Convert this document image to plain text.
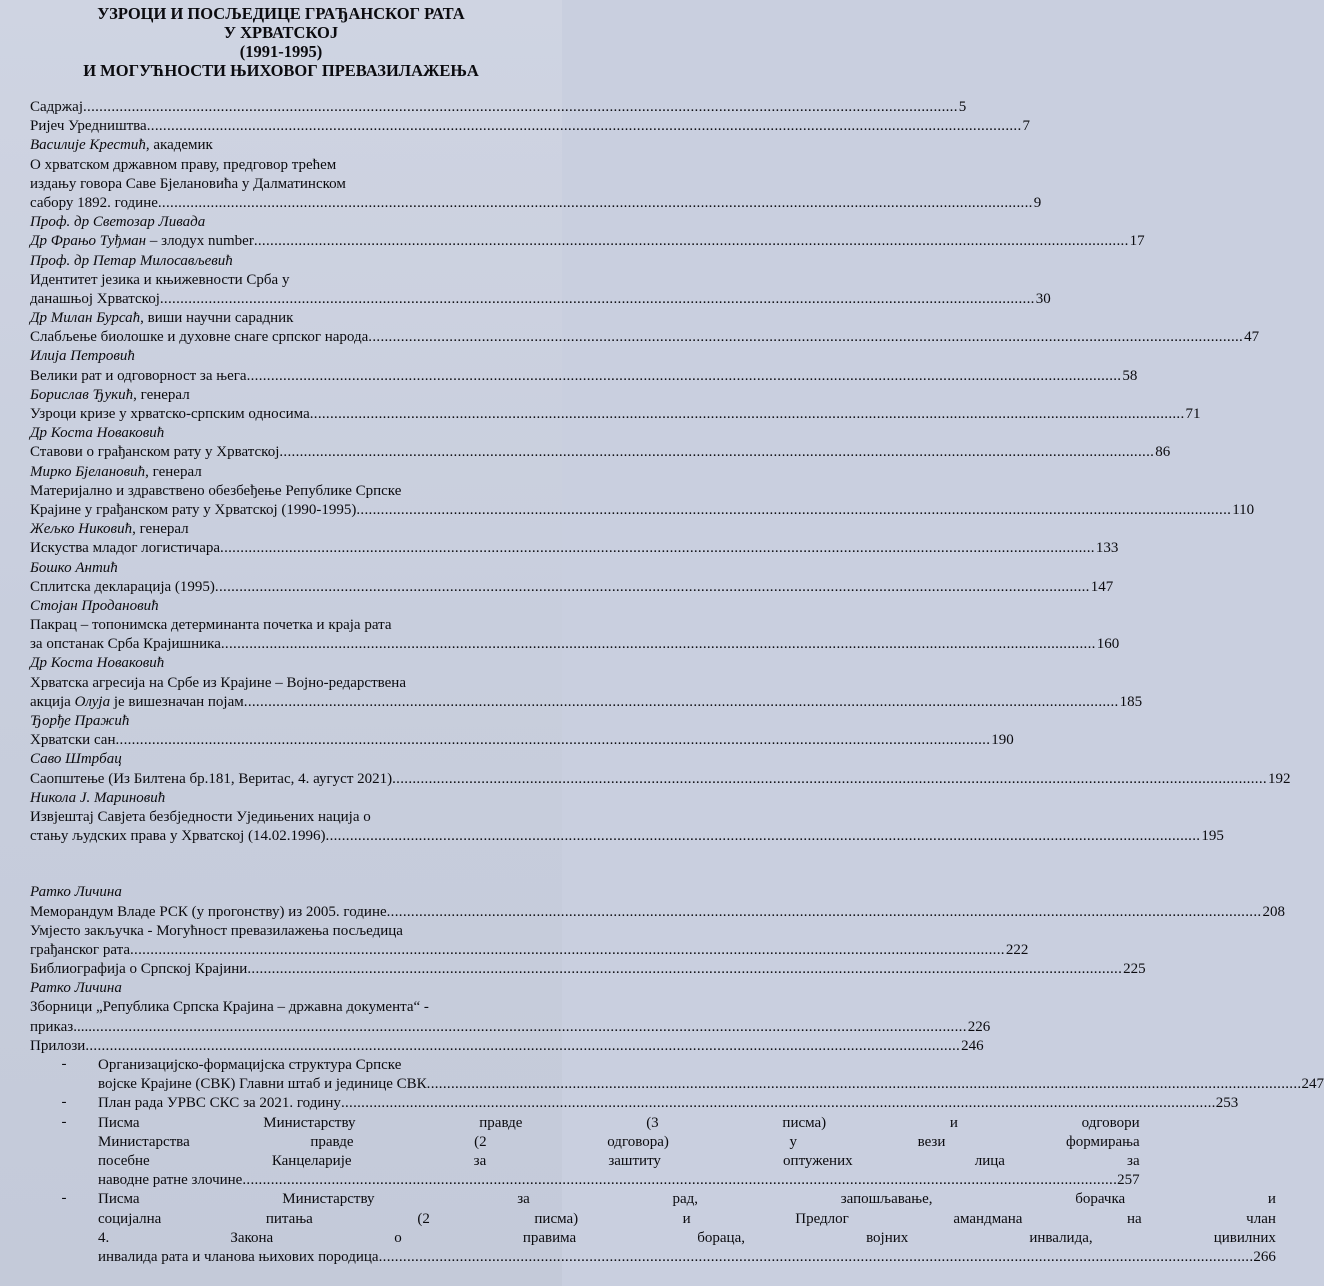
УЗРОЦИ И ПОСЉЕДИЦЕ ГРАЂАНСКОГ РАТА
У ХРВАТСКОЈ
(1991-1995)
И МОГУЋНОСТИ ЊИХОВОГ ПРЕВАЗИЛАЖЕЊА
Садржај .....	5
Ријеч Уредништва .....	7
Василије Крестић, академик
О хрватском државном праву, предговор трећем
издању говора Саве Бјелановића у Далматинском
сабору 1892. године .....	9
Проф. др Светозар Ливада
Др Фрањо Туђман – злодух number .....	17
Проф. др Петар Милосављевић
Идентитет језика и књижевности Срба у
данашњој Хрватској .....	30
Др Милан Бурсаћ, виши научни сарадник
Слабљење биолошке и духовне снаге српског народа .....	47
Илија Петровић
Велики рат и одговорност за њега .....	58
Борислав Ђукић, генерал
Узроци кризе у хрватско-српским односима .....	71
Др Коста Новаковић
Ставови о грађанском рату у Хрватској .....	86
Мирко Бјелановић, генерал
Материјално и здравствено обезбеђење Републике Српске
Крајине у грађанском рату у Хрватској (1990-1995) .....	110
Жељко Никовић, генерал
Искуства младог логистичара .....	133
Бошко Антић
Сплитска декларација (1995) .....	147
Стојан Продановић
Пакрац – топонимска детерминанта почетка и краја рата
за опстанак Срба Крајишника .....	160
Др Коста Новаковић
Хрватска агресија на Србе из Крајине – Војно-редарствена
акција Олуја је вишезначан појам .....	185
Ђорђе Пражић
Хрватски сан .....	190
Саво Штрбац
Саопштење (Из Билтена бр.181, Веритас, 4. аугуст 2021) .....	192
Никола Ј. Мариновић
Извјештај Савјета безбједности Уједињених нација о
стању људских права у Хрватској (14.02.1996) .....	195
Ратко Личина
Меморандум Владе РСК (у прогонству) из 2005. године .....	208
Умјесто закључка - Могућност превазилажења посљедица
грађанског рата .....	222
Библиографија о Српској Крајини .....	225
Ратко Личина
Зборници „Република Српска Крајина – државна документа“ -
приказ..... .....	226
Прилози .....	246
-	Организацијско-формацијска структура Српске
војске Крајине (СВК) Главни штаб и јединице СВК .....	247
-	План рада УРВС СКС за 2021. годину .....	253
-	Писма Министарству правде (3 писма) и одговори
Министарства правде (2 одговора) у вези формирања
посебне Канцеларије за заштиту оптужених лица за
наводне ратне злочине .....	257
-	Писма Министарству за рад, запошљавање, борачка и
социјална питања (2 писма) и Предлог амандмана на члан
4. Закона о правима бораца, војних инвалида, цивилних
инвалида рата и чланова њихових породица .....	266
